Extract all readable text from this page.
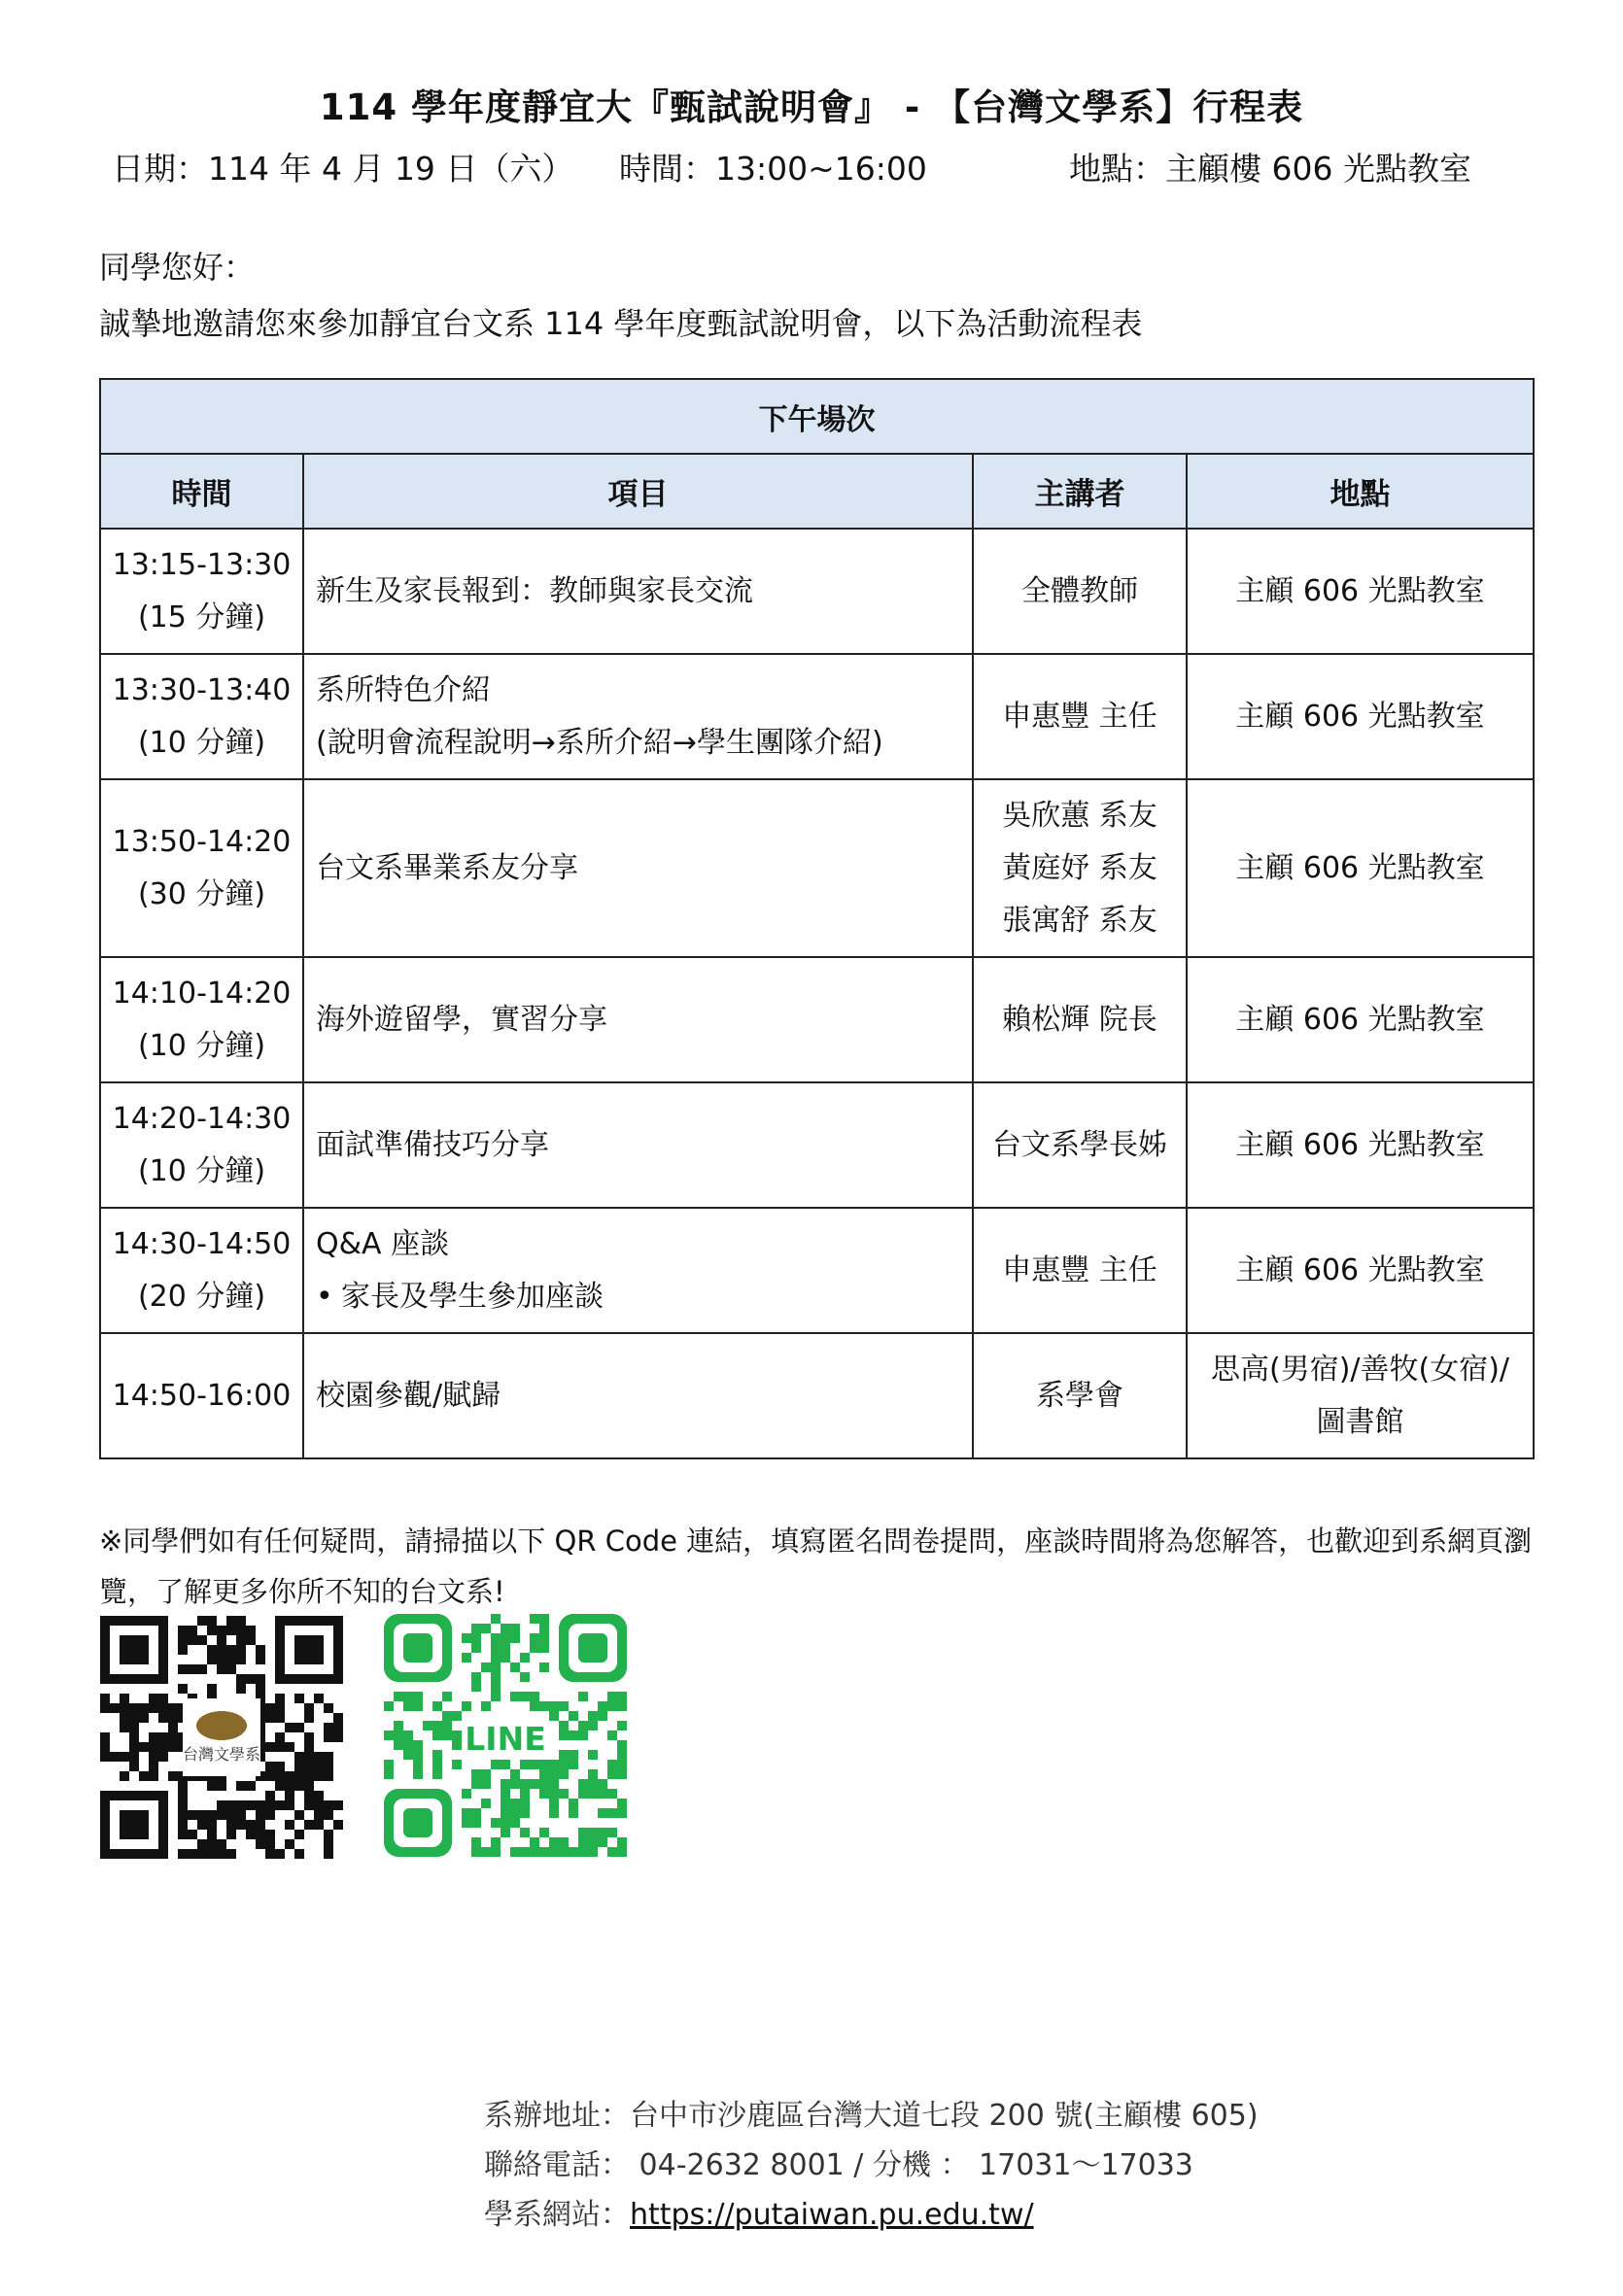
114 學年度靜宜大『甄試說明會』 - 【台灣文學系】行程表
日期：114 年 4 月 19 日（六） 時間：13:00~16:00	地點：主顧樓 606 光點教室
同學您好：
誠摯地邀請您來參加靜宜台文系 114 學年度甄試說明會，以下為活動流程表
下午場次			
時間	項目	主講者	地點

13:15-13:30
(15 分鐘)	新生及家長報到：教師與家長交流	全體教師	主顧 606 光點教室

13:30-13:40
(10 分鐘)	系所特色介紹
(說明會流程說明→系所介紹→學生團隊介紹)	申惠豐 主任	主顧 606 光點教室

13:50-14:20
(30 分鐘)	台文系畢業系友分享	吳欣蕙 系友
黃庭妤 系友
張寓舒 系友	主顧 606 光點教室

14:10-14:20
(10 分鐘)	海外遊留學，實習分享	賴松輝 院長	主顧 606 光點教室

14:20-14:30
(10 分鐘)	面試準備技巧分享	台文系學長姊	主顧 606 光點教室

14:30-14:50
(20 分鐘)	Q&A 座談
• 家長及學生參加座談	申惠豐 主任	主顧 606 光點教室
14:50-16:00	校園參觀/賦歸	系學會	思高(男宿)/善牧(女宿)/
圖書館
※同學們如有任何疑問，請掃描以下 QR Code 連結，填寫匿名問卷提問，座談時間將為您解答，也歡迎到系網頁瀏覽，了解更多你所不知的台文系!
台灣文學系	LINE
系辦地址：台中市沙鹿區台灣大道七段 200 號(主顧樓 605)
聯絡電話： 04-2632 8001 / 分機 ： 17031～17033
學系網站：https://putaiwan.pu.edu.tw/
